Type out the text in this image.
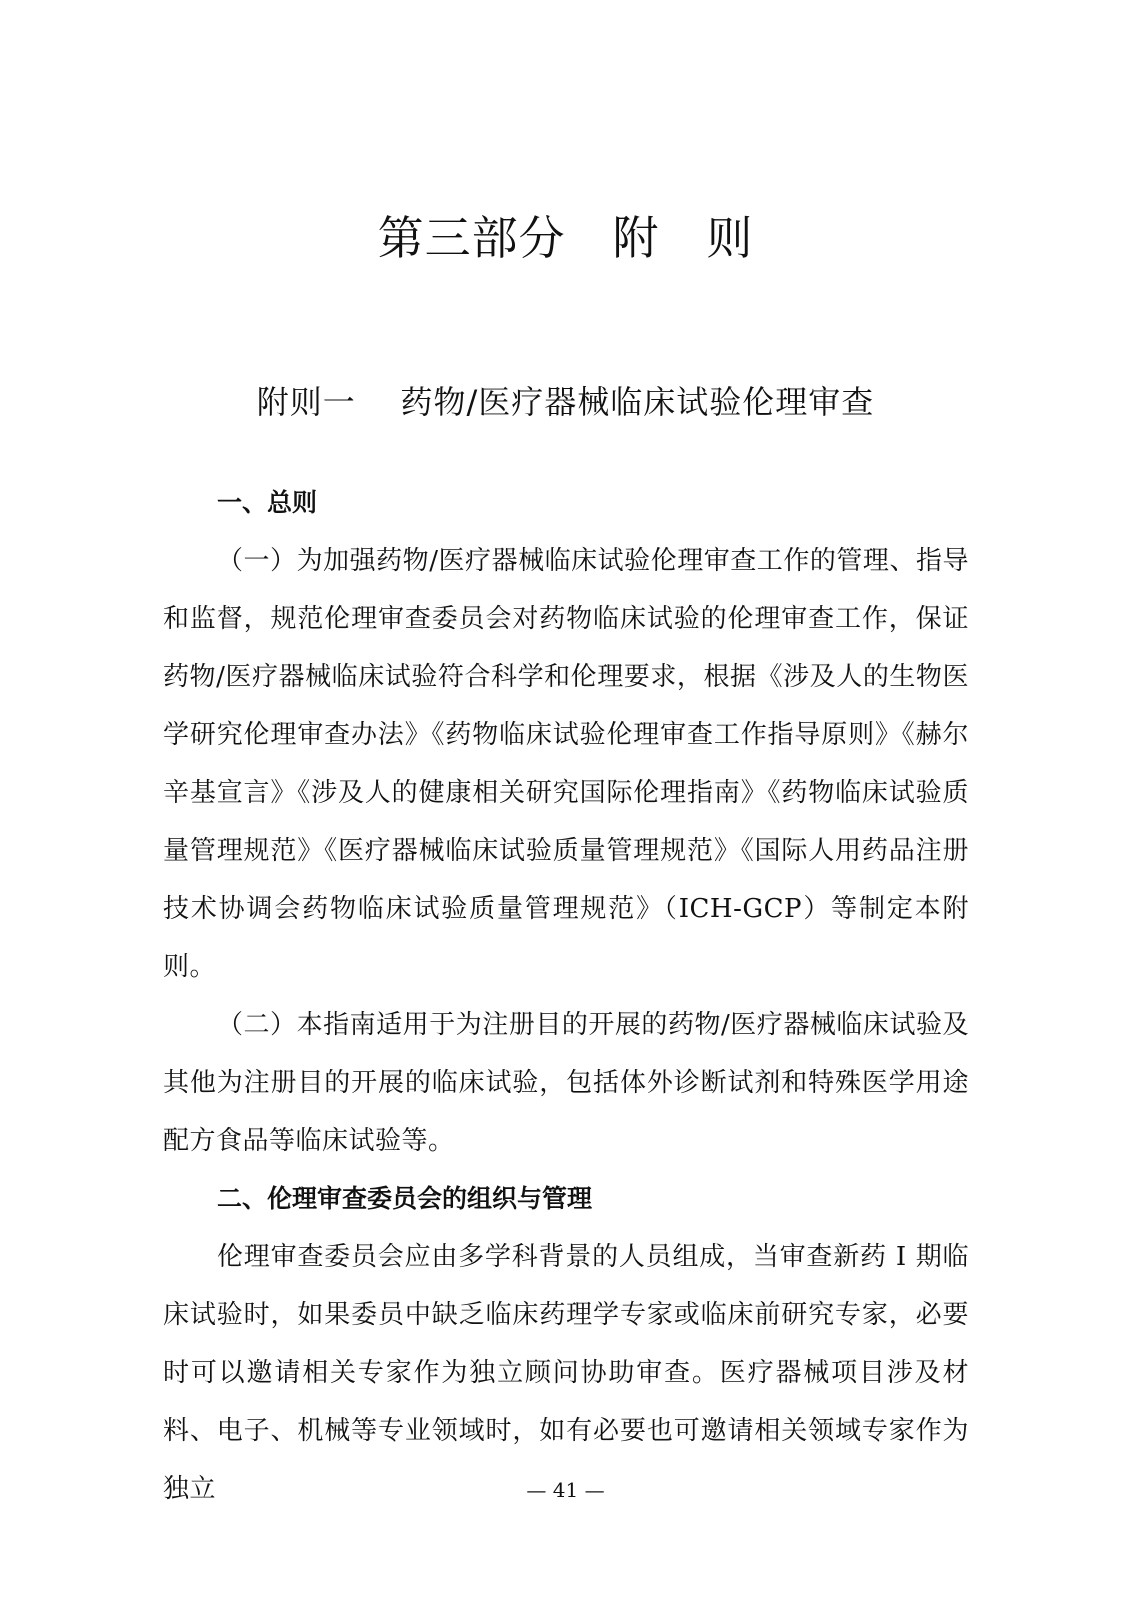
第三部分   附   则
附则一    药物/医疗器械临床试验伦理审查
一、总则

（一）为加强药物/医疗器械临床试验伦理审查工作的管理、指导和监督，规范伦理审查委员会对药物临床试验的伦理审查工作，保证药物/医疗器械临床试验符合科学和伦理要求，根据《涉及人的生物医学研究伦理审查办法》《药物临床试验伦理审查工作指导原则》《赫尔辛基宣言》《涉及人的健康相关研究国际伦理指南》《药物临床试验质量管理规范》《医疗器械临床试验质量管理规范》《国际人用药品注册技术协调会药物临床试验质量管理规范》（ICH-GCP）等制定本附则。

（二）本指南适用于为注册目的开展的药物/医疗器械临床试验及其他为注册目的开展的临床试验，包括体外诊断试剂和特殊医学用途配方食品等临床试验等。

二、伦理审查委员会的组织与管理

伦理审查委员会应由多学科背景的人员组成，当审查新药 I 期临床试验时，如果委员中缺乏临床药理学专家或临床前研究专家，必要时可以邀请相关专家作为独立顾问协助审查。医疗器械项目涉及材料、电子、机械等专业领域时，如有必要也可邀请相关领域专家作为独立	— 41 —
